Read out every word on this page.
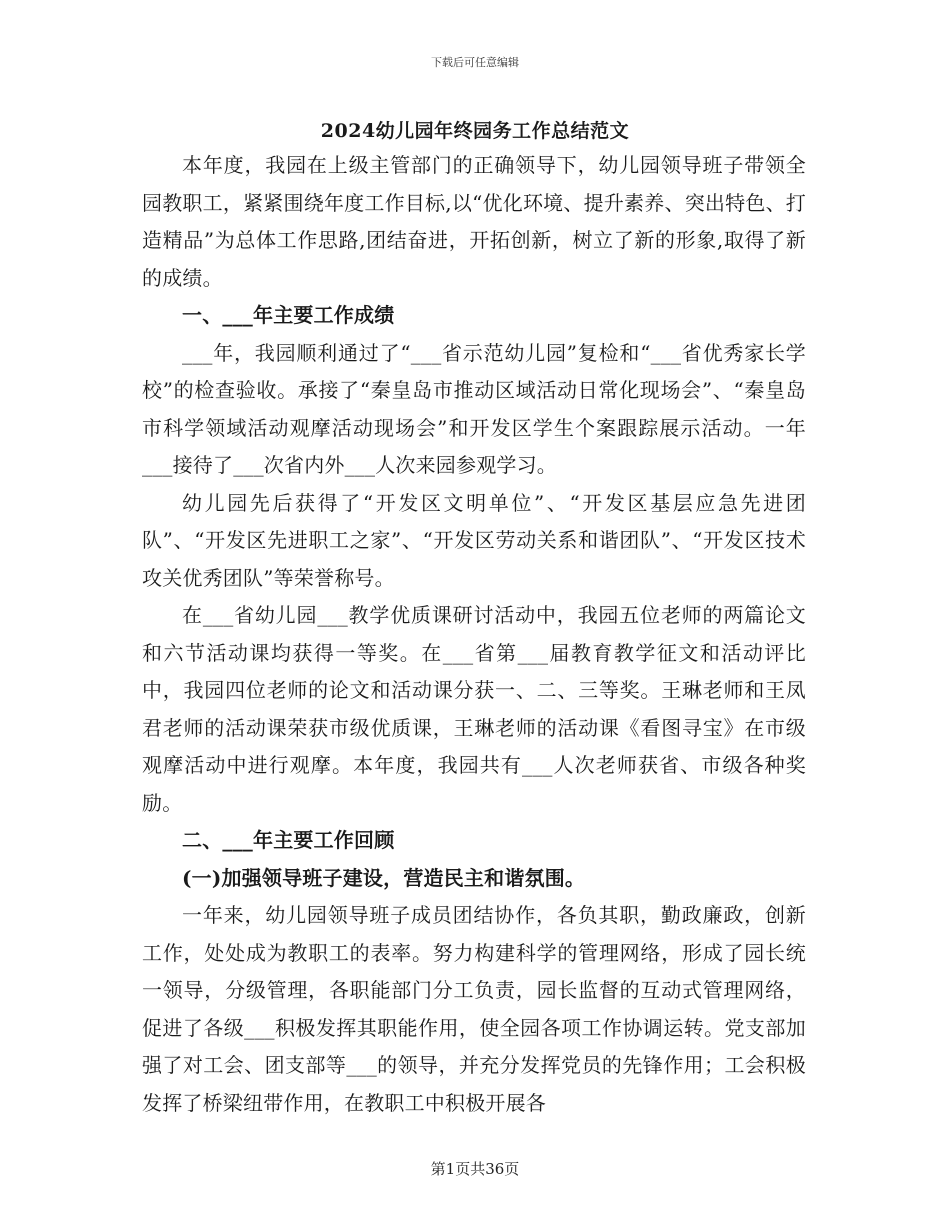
下载后可任意编辑
2024幼儿园年终园务工作总结范文

本年度，我园在上级主管部门的正确领导下，幼儿园领导班子带领全园教职工，紧紧围绕年度工作目标,以“优化环境、提升素养、突出特色、打造精品”为总体工作思路,团结奋进，开拓创新，树立了新的形象,取得了新的成绩。

一、___年主要工作成绩

___年，我园顺利通过了“___省示范幼儿园”复检和“___省优秀家长学校”的检查验收。承接了“秦皇岛市推动区域活动日常化现场会”、“秦皇岛市科学领域活动观摩活动现场会”和开发区学生个案跟踪展示活动。一年___接待了___次省内外___人次来园参观学习。

幼儿园先后获得了“开发区文明单位”、“开发区基层应急先进团队”、“开发区先进职工之家”、“开发区劳动关系和谐团队”、“开发区技术攻关优秀团队”等荣誉称号。

在___省幼儿园___教学优质课研讨活动中，我园五位老师的两篇论文和六节活动课均获得一等奖。在___省第___届教育教学征文和活动评比中，我园四位老师的论文和活动课分获一、二、三等奖。王琳老师和王凤君老师的活动课荣获市级优质课，王琳老师的活动课《看图寻宝》在市级观摩活动中进行观摩。本年度，我园共有___人次老师获省、市级各种奖励。

二、___年主要工作回顾

(一)加强领导班子建设，营造民主和谐氛围。

一年来，幼儿园领导班子成员团结协作，各负其职，勤政廉政，创新工作，处处成为教职工的表率。努力构建科学的管理网络，形成了园长统一领导，分级管理，各职能部门分工负责，园长监督的互动式管理网络，促进了各级___积极发挥其职能作用，使全园各项工作协调运转。党支部加强了对工会、团支部等___的领导，并充分发挥党员的先锋作用；工会积极发挥了桥梁纽带作用，在教职工中积极开展各

第1页共36页
